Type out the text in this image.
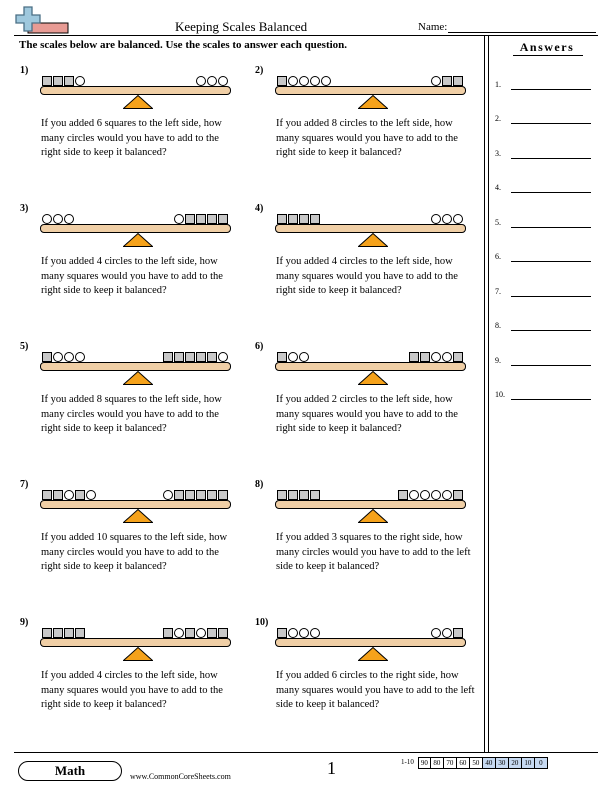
Keeping Scales Balanced	Name:
The scales below are balanced. Use the scales to answer each question.	Answers
1.
2.
3.
4.
5.
6.
7.
8.
9.
10.
1)
If you added 6 squares to the left side, how many circles would you have to add to the right side to keep it balanced?
2)
If you added 8 circles to the left side, how many squares would you have to add to the right side to keep it balanced?
3)
If you added 4 circles to the left side, how many squares would you have to add to the right side to keep it balanced?
4)
If you added 4 circles to the left side, how many squares would you have to add to the right side to keep it balanced?
5)
If you added 8 squares to the left side, how many circles would you have to add to the right side to keep it balanced?
6)
If you added 2 circles to the left side, how many squares would you have to add to the right side to keep it balanced?
7)
If you added 10 squares to the left side, how many circles would you have to add to the right side to keep it balanced?
8)
If you added 3 squares to the right side, how many circles would you have to add to the left side to keep it balanced?
9)
If you added 4 circles to the left side, how many squares would you have to add to the right side to keep it balanced?
10)
If you added 6 circles to the right side, how many squares would you have to add to the left side to keep it balanced?
Math	www.CommonCoreSheets.com	1	1-10	90 80 70 60 50 40 30 20 10	0
